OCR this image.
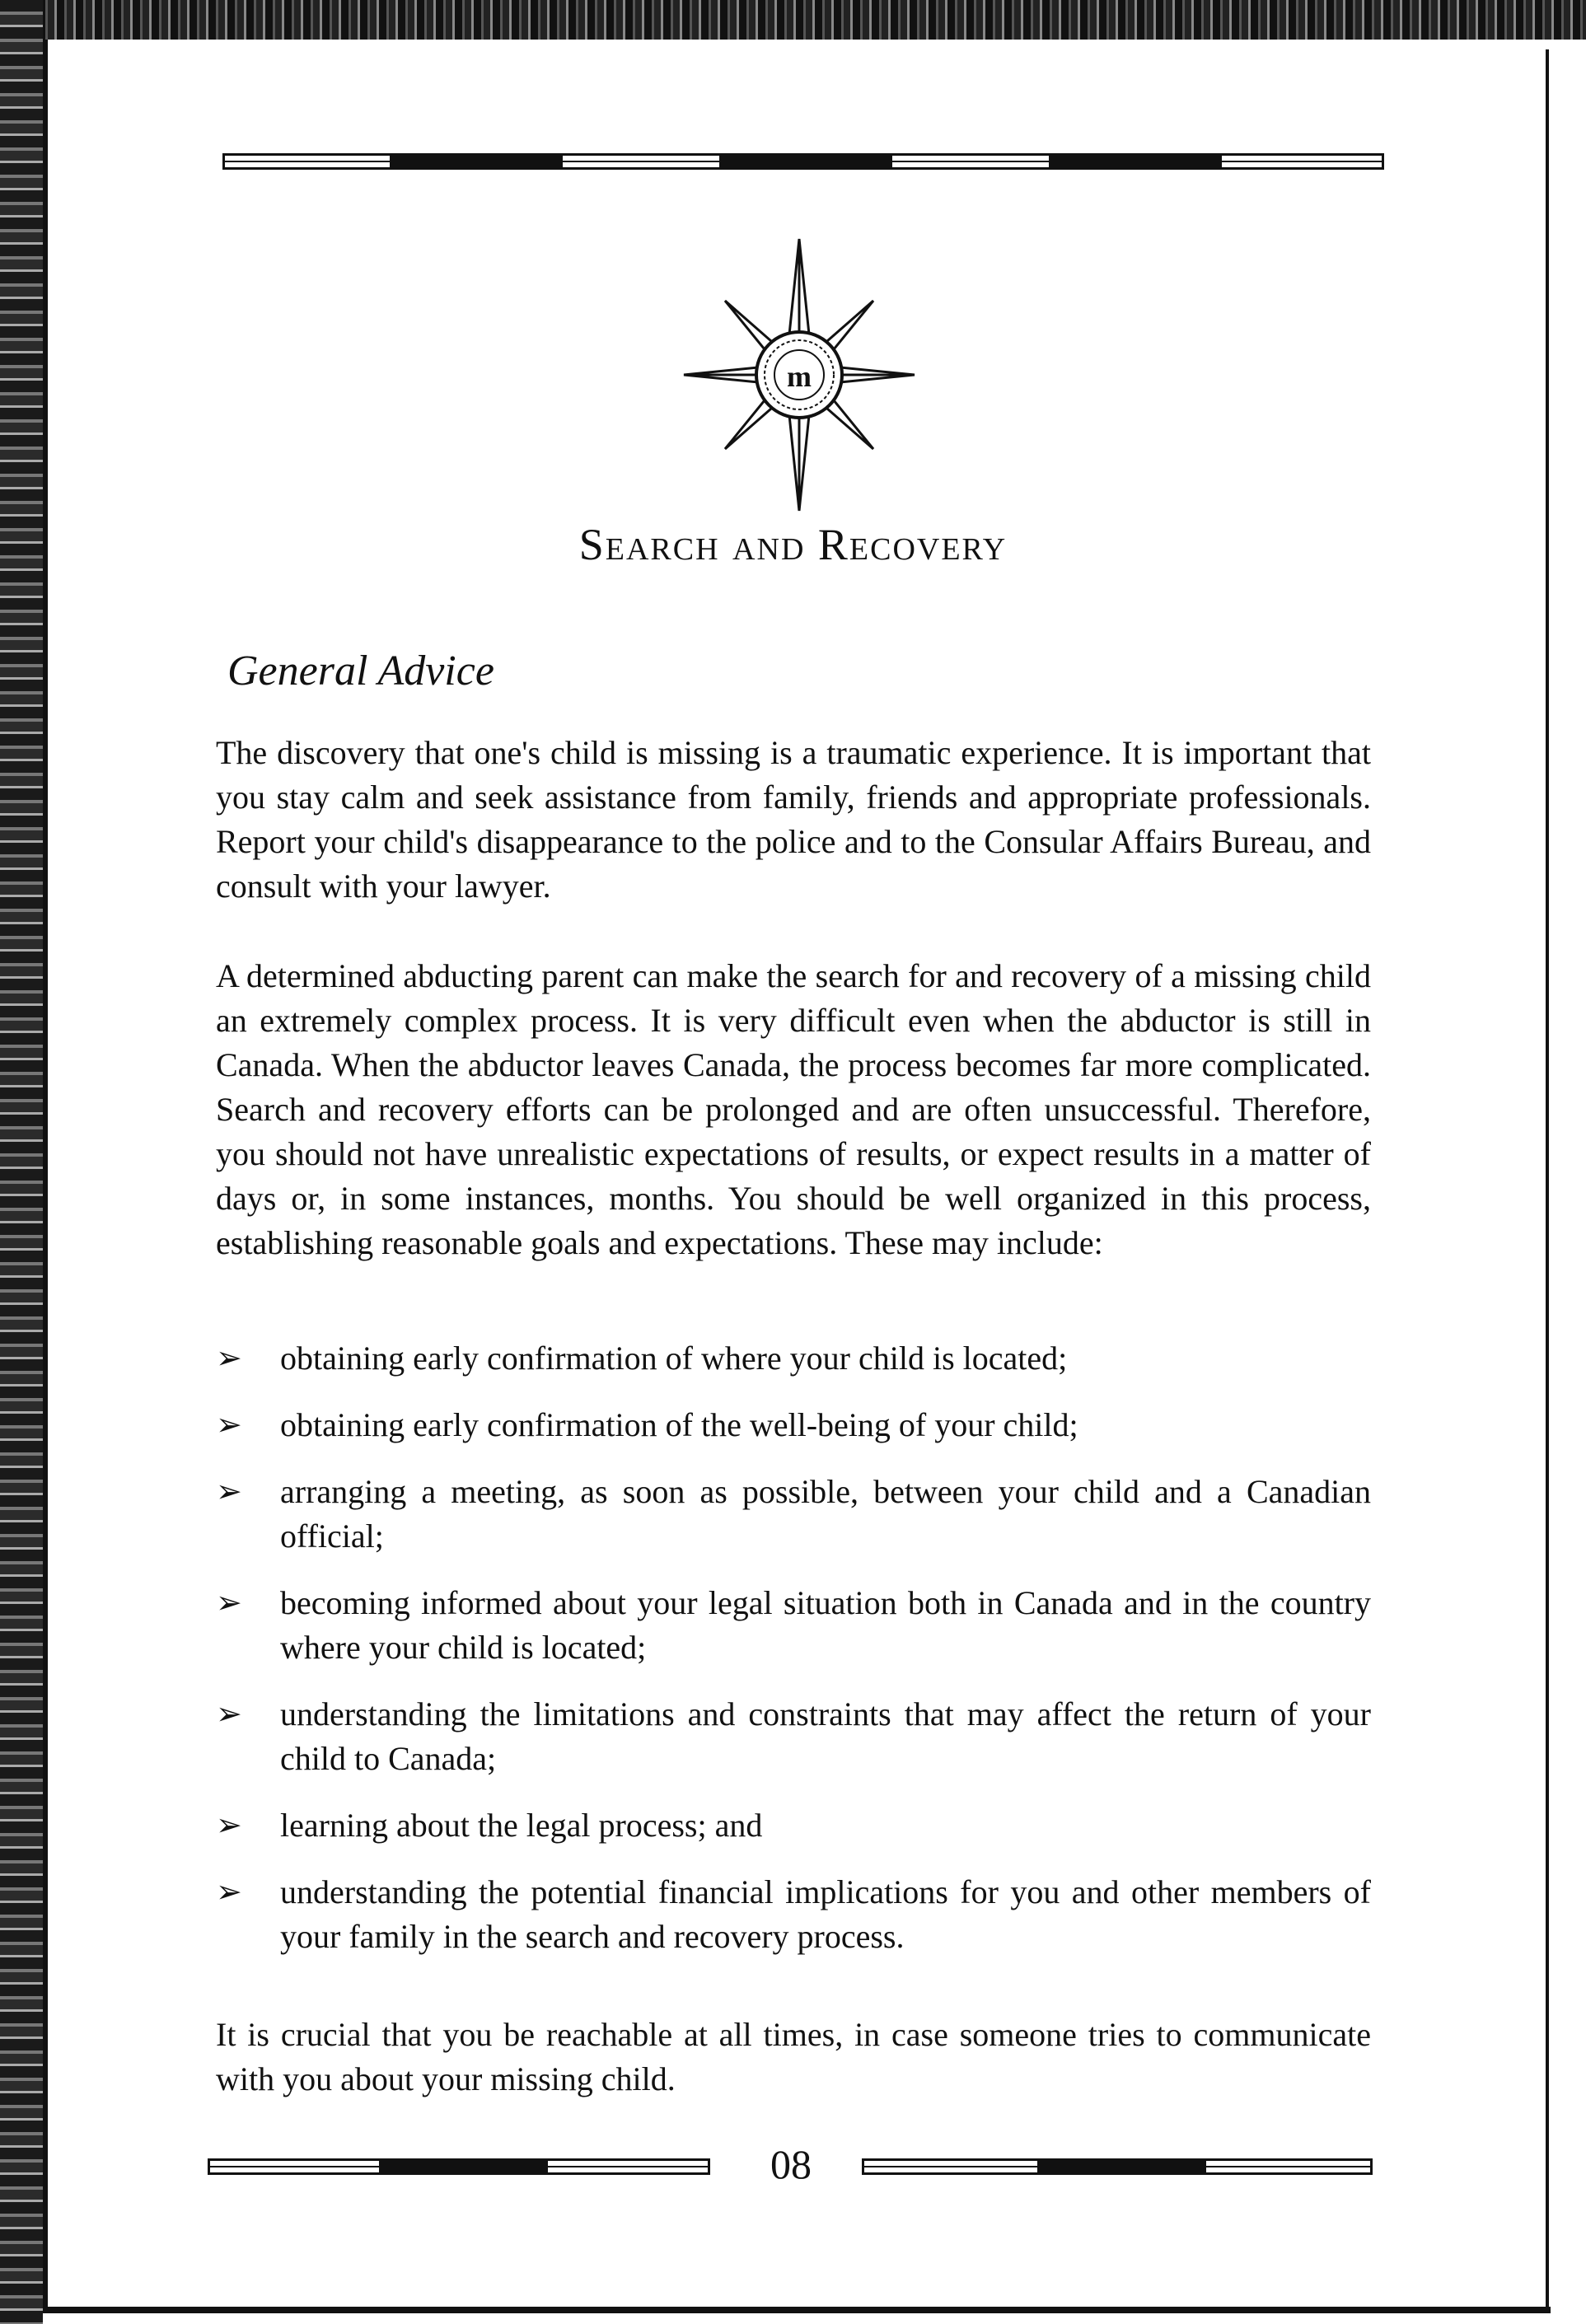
m
Search and Recovery
General Advice

The discovery that one's child is missing is a traumatic experience. It is important that you stay calm and seek assistance from family, friends and appropriate professionals. Report your child's disappearance to the police and to the Consular Affairs Bureau, and consult with your lawyer.

A determined abducting parent can make the search for and recovery of a missing child an extremely complex process. It is very difficult even when the abductor is still in Canada. When the abductor leaves Canada, the process becomes far more complicated. Search and recovery efforts can be prolonged and are often unsuccessful. Therefore, you should not have unrealistic expectations of results, or expect results in a matter of days or, in some instances, months. You should be well organized in this process, establishing reasonable goals and expectations. These may include:

➢ obtaining early confirmation of where your child is located;
➢ obtaining early confirmation of the well-being of your child;
➢ arranging a meeting, as soon as possible, between your child and a Canadian official;
➢ becoming informed about your legal situation both in Canada and in the country where your child is located;
➢ understanding the limitations and constraints that may affect the return of your child to Canada;
➢ learning about the legal process; and
➢ understanding the potential financial implications for you and other members of your family in the search and recovery process.

It is crucial that you be reachable at all times, in case someone tries to communicate with you about your missing child.

08
